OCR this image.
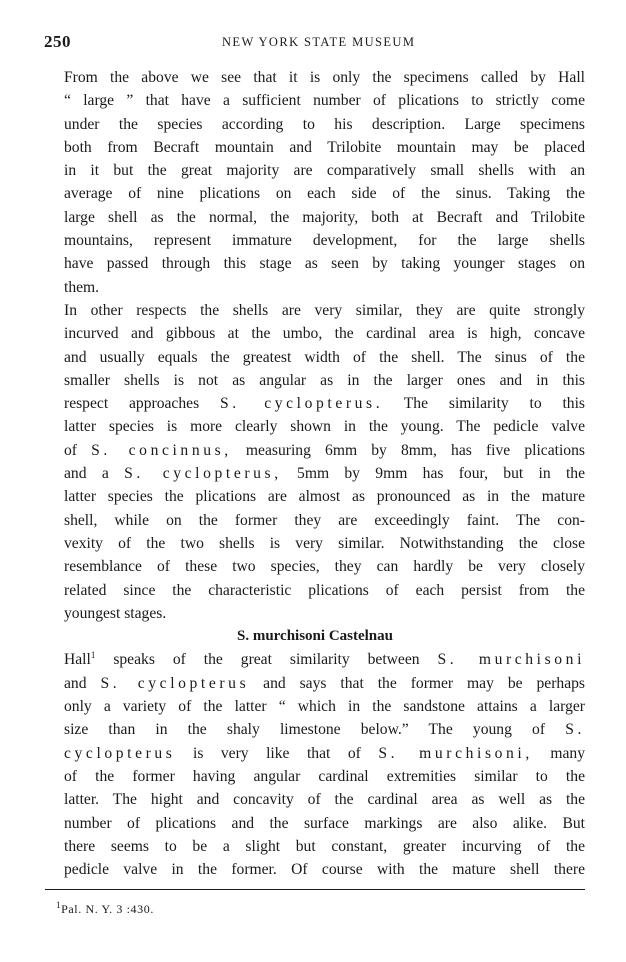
250	NEW YORK STATE MUSEUM

From the above we see that it is only the specimens called by Hall
“ large ” that have a sufficient number of plications to strictly come
under the species according to his description. Large specimens
both from Becraft mountain and Trilobite mountain may be placed
in it but the great majority are comparatively small shells with an
average of nine plications on each side of the sinus. Taking the
large shell as the normal, the majority, both at Becraft and Trilobite
mountains, represent immature development, for the large shells
have passed through this stage as seen by taking younger stages on
them.

In other respects the shells are very similar, they are quite strongly
incurved and gibbous at the umbo, the cardinal area is high, concave
and usually equals the greatest width of the shell. The sinus of the
smaller shells is not as angular as in the larger ones and in this
respect approaches S. cyclopterus. The similarity to this
latter species is more clearly shown in the young. The pedicle valve
of S. concinnus, measuring 6mm by 8mm, has five plications
and a S. cyclopterus, 5mm by 9mm has four, but in the
latter species the plications are almost as pronounced as in the mature
shell, while on the former they are exceedingly faint. The con-
vexity of the two shells is very similar. Notwithstanding the close
resemblance of these two species, they can hardly be very closely
related since the characteristic plications of each persist from the
youngest stages.

S. murchisoni Castelnau

Hall$^1$ speaks of the great similarity between S. murchisoni
and S. cyclopterus and says that the former may be perhaps
only a variety of the latter “ which in the sandstone attains a larger
size than in the shaly limestone below.” The young of S.
cyclopterus is very like that of S. murchisoni, many
of the former having angular cardinal extremities similar to the
latter. The hight and concavity of the cardinal area as well as the
number of plications and the surface markings are also alike. But
there seems to be a slight but constant, greater incurving of the
pedicle valve in the former. Of course with the mature shell there

$^1$Pal. N. Y. 3 :430.
